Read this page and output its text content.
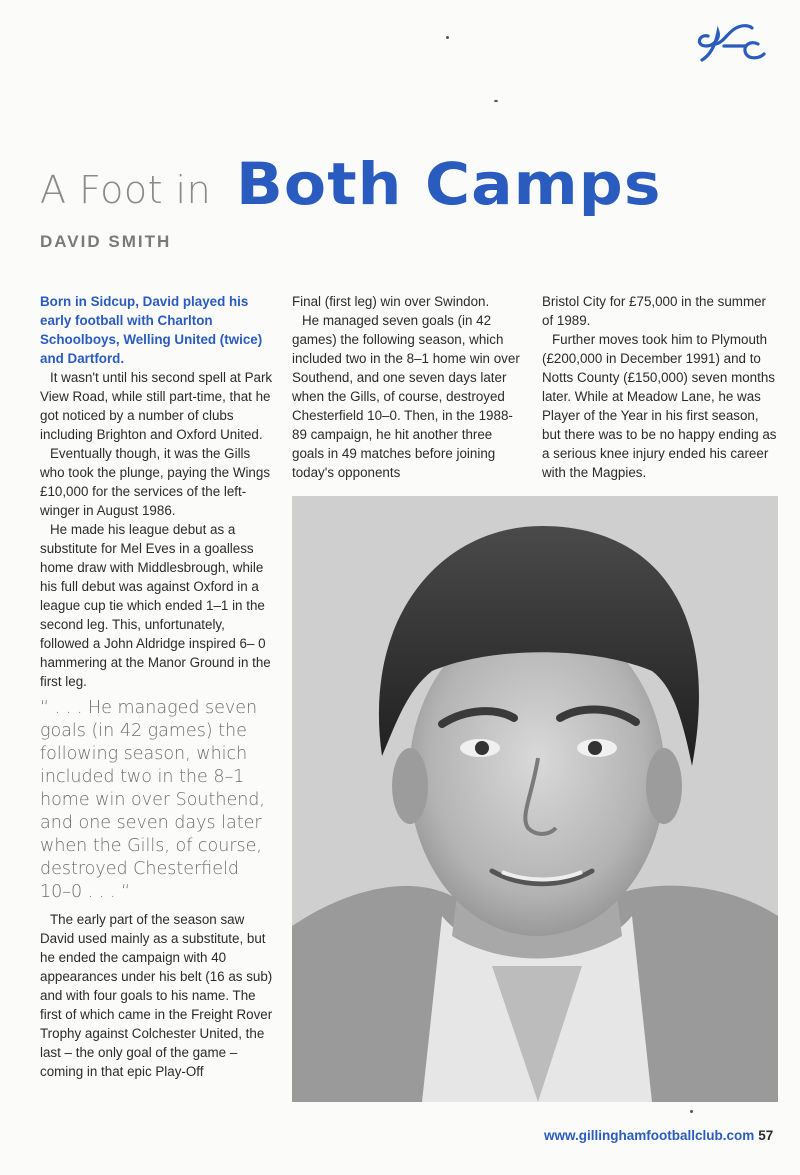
A Foot in Both Camps
DAVID SMITH

Born in Sidcup, David played his early football with Charlton Schoolboys, Welling United (twice) and Dartford.

It wasn't until his second spell at Park View Road, while still part-time, that he got noticed by a number of clubs including Brighton and Oxford United.

Eventually though, it was the Gills who took the plunge, paying the Wings £10,000 for the services of the left-winger in August 1986.

He made his league debut as a substitute for Mel Eves in a goalless home draw with Middlesbrough, while his full debut was against Oxford in a league cup tie which ended 1–1 in the second leg. This, unfortunately, followed a John Aldridge inspired 6– 0 hammering at the Manor Ground in the first leg.

“ . . . He managed seven goals (in 42 games) the following season, which included two in the 8–1 home win over Southend, and one seven days later when the Gills, of course, destroyed Chesterfield 10–0 . . . “

The early part of the season saw David used mainly as a substitute, but he ended the campaign with 40 appearances under his belt (16 as sub) and with four goals to his name. The first of which came in the Freight Rover Trophy against Colchester United, the last – the only goal of the game – coming in that epic Play-Off

Final (first leg) win over Swindon.

He managed seven goals (in 42 games) the following season, which included two in the 8–1 home win over Southend, and one seven days later when the Gills, of course, destroyed Chesterfield 10–0. Then, in the 1988-89 campaign, he hit another three goals in 49 matches before joining today's opponents

Bristol City for £75,000 in the summer of 1989.

Further moves took him to Plymouth (£200,000 in December 1991) and to Notts County (£150,000) seven months later. While at Meadow Lane, he was Player of the Year in his first season, but there was to be no happy ending as a serious knee injury ended his career with the Magpies.

www.gillinghamfootballclub.com 57
